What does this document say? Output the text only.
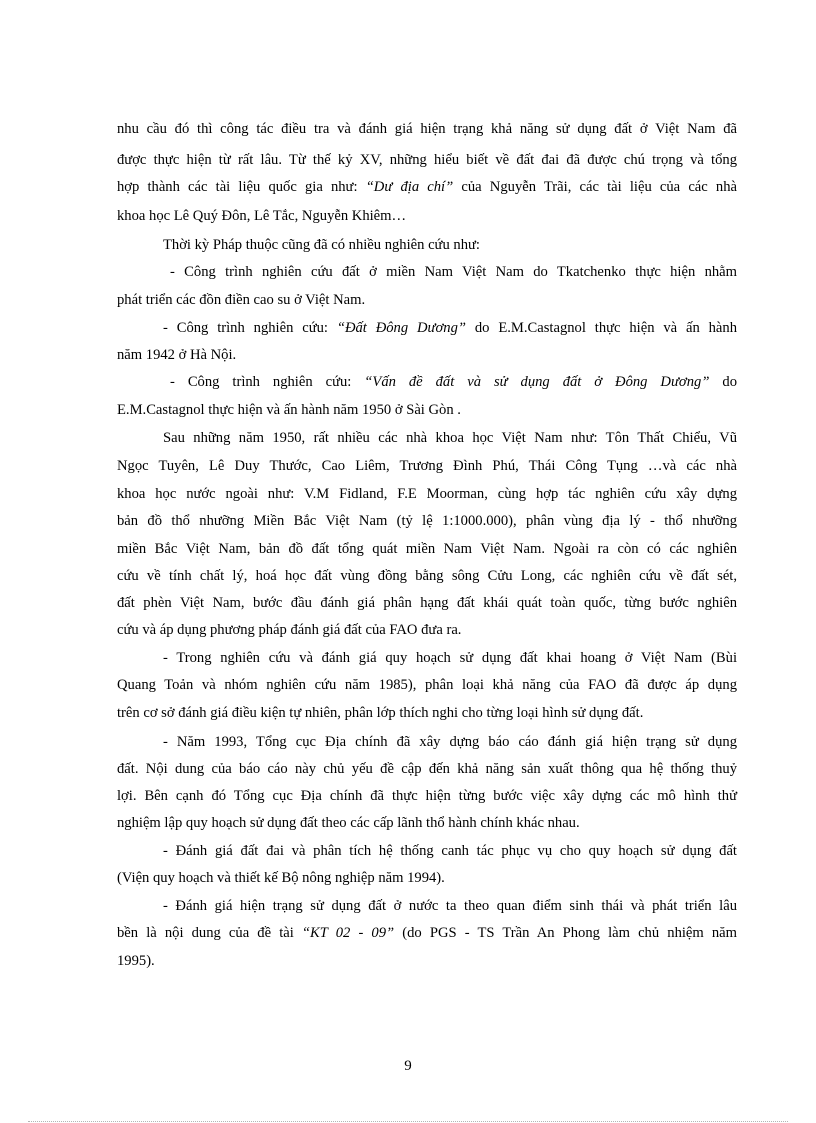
nhu cầu đó thì công tác điều tra và đánh giá hiện trạng khả năng sử dụng đất ở Việt Nam đã
được thực hiện từ rất lâu. Từ thế kỷ XV, những hiểu biết về đất đai đã được chú trọng và tổng
hợp thành các tài liệu quốc gia như: “Dư địa chí” của Nguyễn Trãi, các tài liệu của các nhà
khoa học Lê Quý Đôn, Lê Tắc, Nguyễn Khiêm…
Thời kỳ Pháp thuộc cũng đã có nhiều nghiên cứu như:
- Công trình nghiên cứu đất ở miền Nam Việt Nam do Tkatchenko thực hiện nhằm
phát triển các đồn điền cao su ở Việt Nam.
- Công trình nghiên cứu: “Đất Đông Dương” do E.M.Castagnol thực hiện và ấn hành
năm 1942 ở Hà Nội.
- Công trình nghiên cứu: “Vấn đề đất và sử dụng đất ở Đông Dương” do
E.M.Castagnol thực hiện và ấn hành năm 1950 ở Sài Gòn .
Sau những năm 1950, rất nhiều các nhà khoa học Việt Nam như: Tôn Thất Chiểu, Vũ
Ngọc Tuyên, Lê Duy Thước, Cao Liêm, Trương Đình Phú, Thái Công Tụng …và các nhà
khoa học nước ngoài như: V.M Fidland, F.E Moorman, cùng hợp tác nghiên cứu xây dựng
bản đồ thổ nhưỡng Miền Bắc Việt Nam (tỷ lệ 1:1000.000), phân vùng địa lý - thổ nhưỡng
miền Bắc Việt Nam, bản đồ đất tổng quát miền Nam Việt Nam. Ngoài ra còn có các nghiên
cứu về tính chất lý, hoá học đất vùng đồng bằng sông Cửu Long, các nghiên cứu về đất sét,
đất phèn Việt Nam, bước đầu đánh giá phân hạng đất khái quát toàn quốc, từng bước nghiên
cứu và áp dụng phương pháp đánh giá đất của FAO đưa ra.
- Trong nghiên cứu và đánh giá quy hoạch sử dụng đất khai hoang ở Việt Nam (Bùi
Quang Toản và nhóm nghiên cứu năm 1985), phân loại khả năng của FAO đã được áp dụng
trên cơ sở đánh giá điều kiện tự nhiên, phân lớp thích nghi cho từng loại hình sử dụng đất.
- Năm 1993, Tổng cục Địa chính đã xây dựng báo cáo đánh giá hiện trạng sử dụng
đất. Nội dung của báo cáo này chủ yếu đề cập đến khả năng sản xuất thông qua hệ thống thuỷ
lợi. Bên cạnh đó Tổng cục Địa chính đã thực hiện từng bước việc xây dựng các mô hình thử
nghiệm lập quy hoạch sử dụng đất theo các cấp lãnh thổ hành chính khác nhau.
- Đánh giá đất đai và phân tích hệ thống canh tác phục vụ cho quy hoạch sử dụng đất
(Viện quy hoạch và thiết kế Bộ nông nghiệp năm 1994).
- Đánh giá hiện trạng sử dụng đất ở nước ta theo quan điểm sinh thái và phát triển lâu
bền là nội dung của đề tài “KT 02 - 09” (do PGS - TS Trần An Phong làm chủ nhiệm năm
1995).
9
